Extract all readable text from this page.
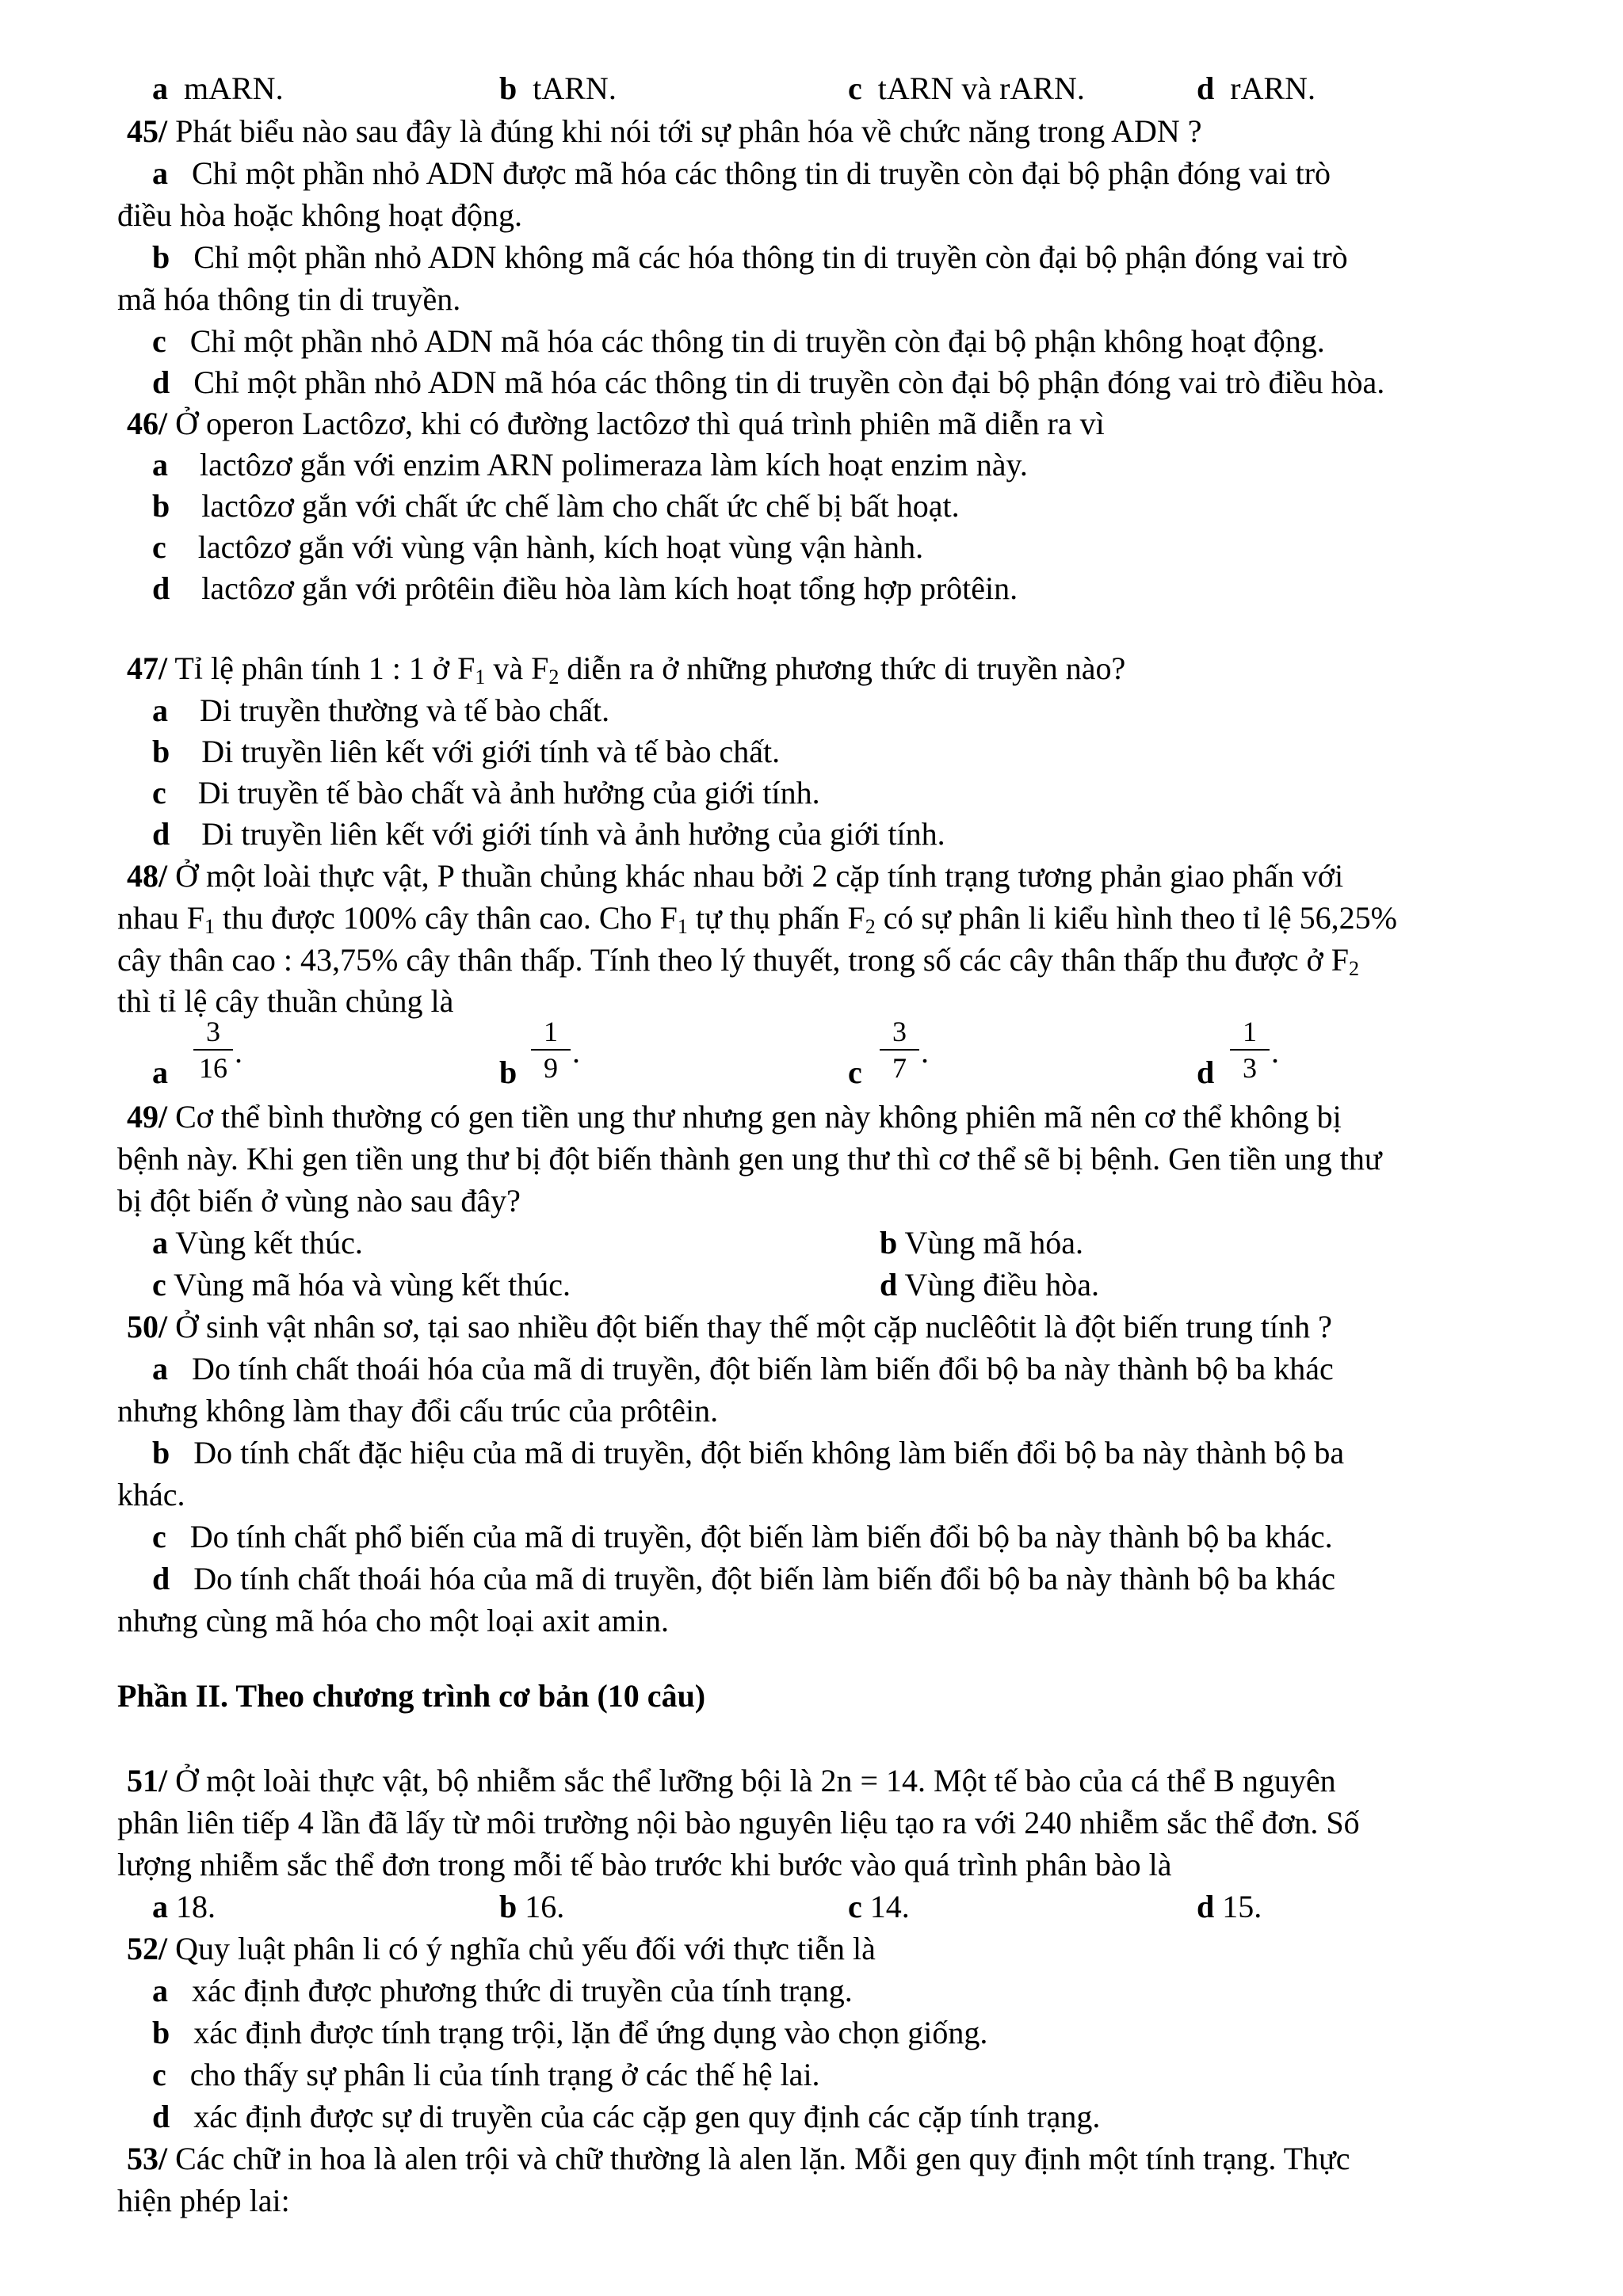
a mARN.	b tARN.	c tARN và rARN.	d rARN.
45/ Phát biểu nào sau đây là đúng khi nói tới sự phân hóa về chức năng trong ADN ?
a Chỉ một phần nhỏ ADN được mã hóa các thông tin di truyền còn đại bộ phận đóng vai trò
điều hòa hoặc không hoạt động.
b Chỉ một phần nhỏ ADN không mã các hóa thông tin di truyền còn đại bộ phận đóng vai trò
mã hóa thông tin di truyền.
c Chỉ một phần nhỏ ADN mã hóa các thông tin di truyền còn đại bộ phận không hoạt động.
d Chỉ một phần nhỏ ADN mã hóa các thông tin di truyền còn đại bộ phận đóng vai trò điều hòa.
46/ Ở operon Lactôzơ, khi có đường lactôzơ thì quá trình phiên mã diễn ra vì
a lactôzơ gắn với enzim ARN polimeraza làm kích hoạt enzim này.
b lactôzơ gắn với chất ức chế làm cho chất ức chế bị bất hoạt.
c lactôzơ gắn với vùng vận hành, kích hoạt vùng vận hành.
d lactôzơ gắn với prôtêin điều hòa làm kích hoạt tổng hợp prôtêin.
47/ Tỉ lệ phân tính 1 : 1 ở $F_1$ và $F_2$ diễn ra ở những phương thức di truyền nào?
a Di truyền thường và tế bào chất.
b Di truyền liên kết với giới tính và tế bào chất.
c Di truyền tế bào chất và ảnh hưởng của giới tính.
d Di truyền liên kết với giới tính và ảnh hưởng của giới tính.
48/ Ở một loài thực vật, P thuần chủng khác nhau bởi 2 cặp tính trạng tương phản giao phấn với
nhau $F_1$ thu được 100% cây thân cao. Cho $F_1$ tự thụ phấn $F_2$ có sự phân li kiểu hình theo tỉ lệ 56,25%
cây thân cao : 43,75% cây thân thấp. Tính theo lý thuyết, trong số các cây thân thấp thu được ở $F_2$
thì tỉ lệ cây thuần chủng là
a $\frac{3}{16}$ .
b $\frac{1}{9}$ .
c $\frac{3}{7}$ .
d $\frac{1}{3}$ .
49/ Cơ thể bình thường có gen tiền ung thư nhưng gen này không phiên mã nên cơ thể không bị
bệnh này. Khi gen tiền ung thư bị đột biến thành gen ung thư thì cơ thể sẽ bị bệnh. Gen tiền ung thư
bị đột biến ở vùng nào sau đây?
a Vùng kết thúc.	b Vùng mã hóa.
c Vùng mã hóa và vùng kết thúc.	d Vùng điều hòa.
50/ Ở sinh vật nhân sơ, tại sao nhiều đột biến thay thế một cặp nuclêôtit là đột biến trung tính ?
a Do tính chất thoái hóa của mã di truyền, đột biến làm biến đổi bộ ba này thành bộ ba khác
nhưng không làm thay đổi cấu trúc của prôtêin.
b Do tính chất đặc hiệu của mã di truyền, đột biến không làm biến đổi bộ ba này thành bộ ba
khác.
c Do tính chất phổ biến của mã di truyền, đột biến làm biến đổi bộ ba này thành bộ ba khác.
d Do tính chất thoái hóa của mã di truyền, đột biến làm biến đổi bộ ba này thành bộ ba khác
nhưng cùng mã hóa cho một loại axit amin.
Phần II. Theo chương trình cơ bản (10 câu)
51/ Ở một loài thực vật, bộ nhiễm sắc thể lưỡng bội là 2n = 14. Một tế bào của cá thể B nguyên
phân liên tiếp 4 lần đã lấy từ môi trường nội bào nguyên liệu tạo ra với 240 nhiễm sắc thể đơn. Số
lượng nhiễm sắc thể đơn trong mỗi tế bào trước khi bước vào quá trình phân bào là
a 18.	b 16.	c 14.	d 15.
52/ Quy luật phân li có ý nghĩa chủ yếu đối với thực tiễn là
a xác định được phương thức di truyền của tính trạng.
b xác định được tính trạng trội, lặn để ứng dụng vào chọn giống.
c cho thấy sự phân li của tính trạng ở các thế hệ lai.
d xác định được sự di truyền của các cặp gen quy định các cặp tính trạng.
53/ Các chữ in hoa là alen trội và chữ thường là alen lặn. Mỗi gen quy định một tính trạng. Thực
hiện phép lai:
